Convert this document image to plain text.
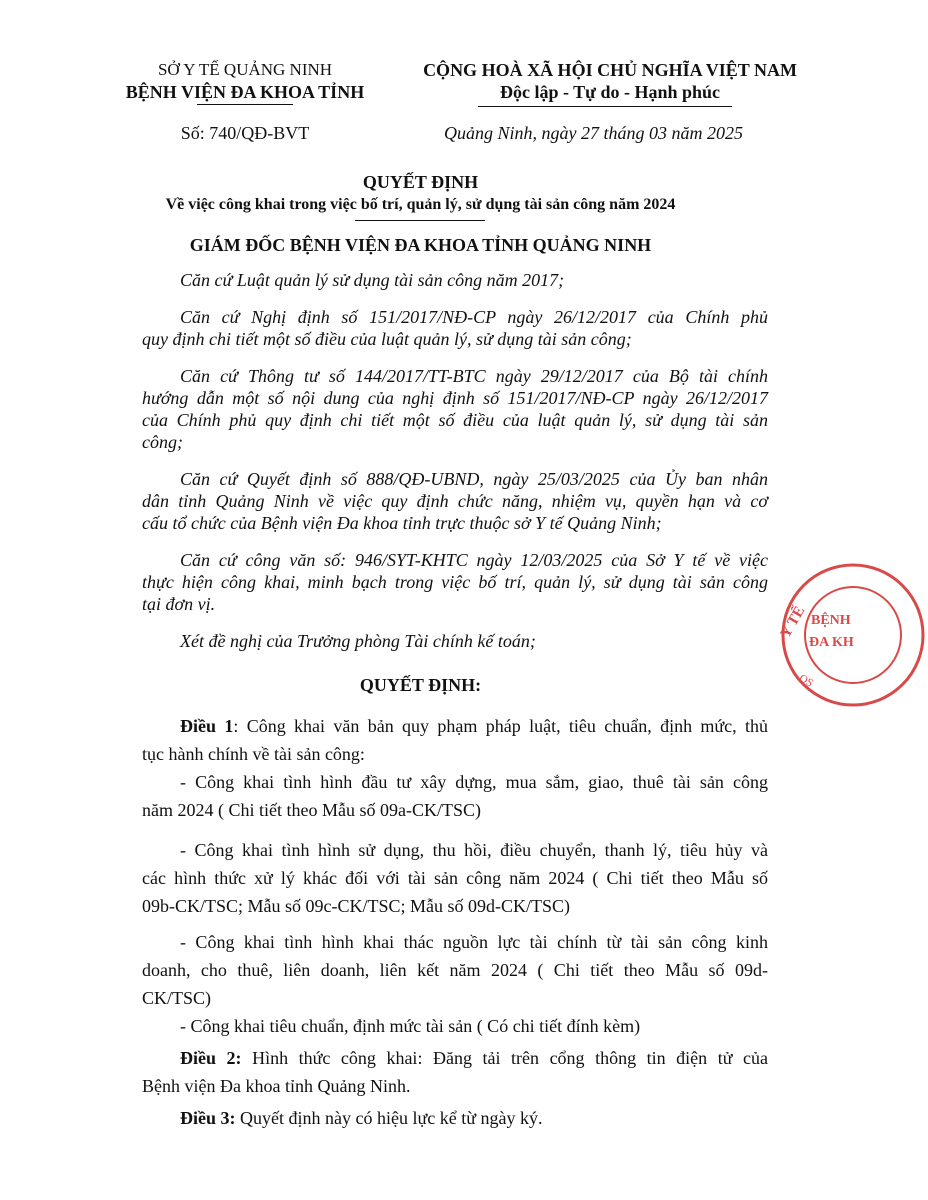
SỞ Y TẾ QUẢNG NINH
BỆNH VIỆN ĐA KHOA TỈNH
CỘNG HOÀ XÃ HỘI CHỦ NGHĨA VIỆT NAM
Độc lập - Tự do - Hạnh phúc
Số: 740/QĐ-BVT	Quảng Ninh, ngày 27 tháng 03 năm 2025
QUYẾT ĐỊNH
Về việc công khai trong việc bố trí, quản lý, sử dụng tài sản công năm 2024
GIÁM ĐỐC BỆNH VIỆN ĐA KHOA TỈNH QUẢNG NINH
Căn cứ Luật quản lý sử dụng tài sản công năm 2017;
Căn cứ Nghị định số 151/2017/NĐ-CP ngày 26/12/2017 của Chính phủ
quy định chi tiết một số điều của luật quản lý, sử dụng tài sản công;
Căn cứ Thông tư số 144/2017/TT-BTC ngày 29/12/2017 của Bộ tài chính
hướng dẫn một số nội dung của nghị định số 151/2017/NĐ-CP ngày 26/12/2017
của Chính phủ quy định chi tiết một số điều của luật quản lý, sử dụng tài sản
công;
Căn cứ Quyết định số 888/QĐ-UBND, ngày 25/03/2025 của Ủy ban nhân
dân tỉnh Quảng Ninh về việc quy định chức năng, nhiệm vụ, quyền hạn và cơ
cấu tổ chức của Bệnh viện Đa khoa tỉnh trực thuộc sở Y tế Quảng Ninh;
Căn cứ công văn số: 946/SYT-KHTC ngày 12/03/2025 của Sở Y tế về việc
thực hiện công khai, minh bạch trong việc bố trí, quản lý, sử dụng tài sản công
tại đơn vị.
Xét đề nghị của Trưởng phòng Tài chính kế toán;
QUYẾT ĐỊNH:
Điều 1: Công khai văn bản quy phạm pháp luật, tiêu chuẩn, định mức, thủ
tục hành chính về tài sản công:
- Công khai tình hình đầu tư xây dựng, mua sắm, giao, thuê tài sản công
năm 2024 ( Chi tiết theo Mẫu số 09a-CK/TSC)
- Công khai tình hình sử dụng, thu hồi, điều chuyển, thanh lý, tiêu hủy và
các hình thức xử lý khác đối với tài sản công năm 2024 ( Chi tiết theo Mẫu số
09b-CK/TSC; Mẫu số 09c-CK/TSC; Mẫu số 09d-CK/TSC)
- Công khai tình hình khai thác nguồn lực tài chính từ tài sản công kinh
doanh, cho thuê, liên doanh, liên kết năm 2024 ( Chi tiết theo Mẫu số 09d-
CK/TSC)
- Công khai tiêu chuẩn, định mức tài sản ( Có chi tiết đính kèm)
Điều 2: Hình thức công khai: Đăng tải trên cổng thông tin điện tử của
Bệnh viện Đa khoa tỉnh Quảng Ninh.
Điều 3: Quyết định này có hiệu lực kể từ ngày ký.
Y TẾ BỆNH
ĐA KH
QS
